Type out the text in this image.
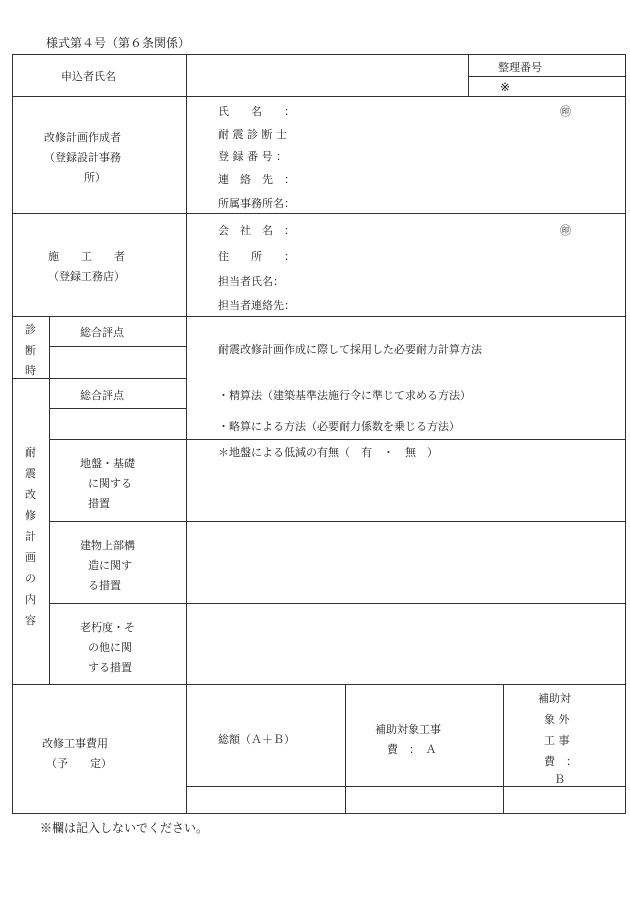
様式第４号（第６条関係）
申込者氏名
整理番号
※
改修計画作成者
（登録設計事務
所）
氏　　名　　：
耐 震 診 断 士
登 録 番 号 ：
連　絡　先　：
所属事務所名：
㊞
施　　工　　者
（登録工務店）
会　社　名　：
住　　所　　：
担当者氏名：
担当者連絡先：
㊞
診
断
時
総合評点
耐震改修計画作成に際して採用した必要耐力計算方法
耐
震
改
修
計
画
の
内
容
総合評点	・精算法（建築基準法施行令に準じて求める方法）
・略算による方法（必要耐力係数を乗じる方法）
＊地盤による低減の有無（　有　・　無　）
地盤・基礎
に関する
措置
建物上部構
造に関す
る措置
老朽度・そ
の他に関
する措置
改修工事費用
（予　　定）
総額（Ａ＋Ｂ）
補助対象工事
費　：　Ａ
補助対
象 外
工 事
費　：
Ｂ
※欄は記入しないでください。
